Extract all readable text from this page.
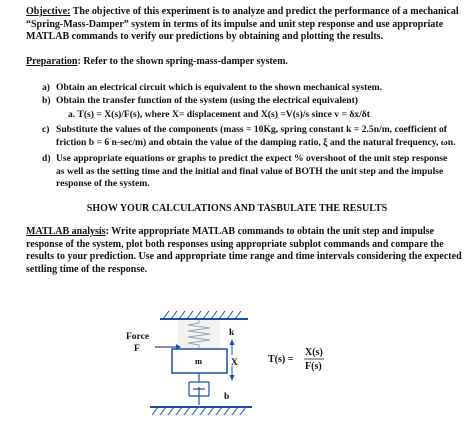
Objective: The objective of this experiment is to analyze and predict the performance of a mechanical
“Spring-Mass-Damper” system in terms of its impulse and unit step response and use appropriate
MATLAB commands to verify our predictions by obtaining and plotting the results.
Preparation: Refer to the shown spring-mass-damper system.
a) Obtain an electrical circuit which is equivalent to the shown mechanical system.
b) Obtain the transfer function of the system (using the electrical equivalent)
a. T(s) = X(s)/F(s), where X= displacement and X(s) =V(s)/s since v = δx/δt
c) Substitute the values of the components (mass = 10Kg, spring constant k = 2.5n/m, coefficient of
friction b = 6 n-sec/m) and obtain the value of the damping ratio, ξ and the natural frequency, ωn.
d) Use appropriate equations or graphs to predict the expect % overshoot of the unit step response
as well as the setting time and the initial and final value of BOTH the unit step and the impulse
response of the system.
SHOW YOUR CALCULATIONS AND TASBULATE THE RESULTS
MATLAB analysis: Write appropriate MATLAB commands to obtain the unit step and impulse
response of the system, plot both responses using appropriate subplot commands and compare the
results to your prediction. Use and appropriate time range and time intervals considering the expected
settling time of the response.
Force
F
k
m	X
b
T(s) =
X(s)
F(s)
